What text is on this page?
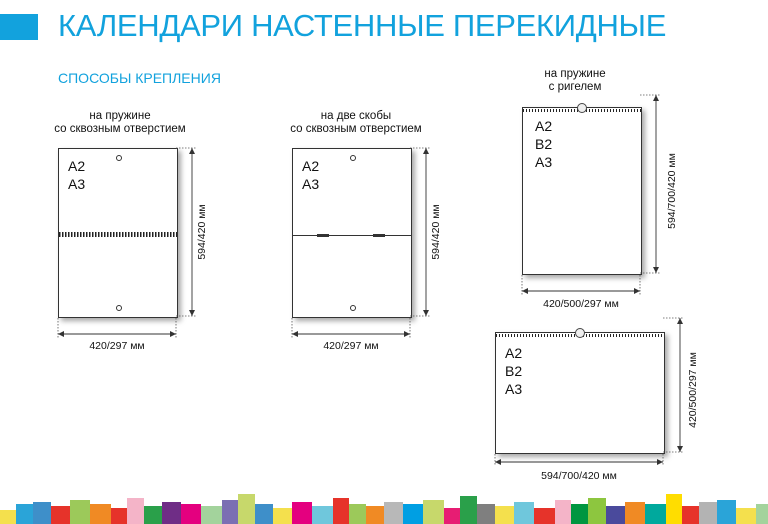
КАЛЕНДАРИ НАСТЕННЫЕ ПЕРЕКИДНЫЕ
СПОСОБЫ КРЕПЛЕНИЯ
на пружине
со сквозным отверстием
A2
A3
на две скобы
со сквозным отверстием
A2
A3
на пружине
с ригелем
A2
B2
A3
A2
B2
A3
594/420 мм
420/297 мм
594/420 мм
420/297 мм
594/700/420 мм
420/500/297 мм
420/500/297 мм
594/700/420 мм
